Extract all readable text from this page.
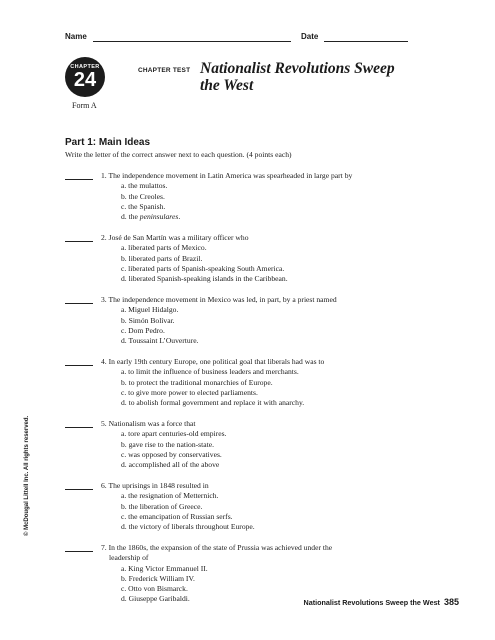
Name	Date
CHAPTER
24
Form A
CHAPTER TEST Nationalist Revolutions Sweep the West
Part 1: Main Ideas
Write the letter of the correct answer next to each question. (4 points each)
1. The independence movement in Latin America was spearheaded in large part by
a. the mulattos.
b. the Creoles.
c. the Spanish.
d. the peninsulares.
2. José de San Martín was a military officer who
a. liberated parts of Mexico.
b. liberated parts of Brazil.
c. liberated parts of Spanish-speaking South America.
d. liberated Spanish-speaking islands in the Caribbean.
3. The independence movement in Mexico was led, in part, by a priest named
a. Miguel Hidalgo.
b. Simón Bolívar.
c. Dom Pedro.
d. Toussaint L’Ouverture.
4. In early 19th century Europe, one political goal that liberals had was to
a. to limit the influence of business leaders and merchants.
b. to protect the traditional monarchies of Europe.
c. to give more power to elected parliaments.
d. to abolish formal government and replace it with anarchy.
5. Nationalism was a force that
a. tore apart centuries-old empires.
b. gave rise to the nation-state.
c. was opposed by conservatives.
d. accomplished all of the above
6. The uprisings in 1848 resulted in
a. the resignation of Metternich.
b. the liberation of Greece.
c. the emancipation of Russian serfs.
d. the victory of liberals throughout Europe.
7. In the 1860s, the expansion of the state of Prussia was achieved under the
leadership of
a. King Victor Emmanuel II.
b. Frederick William IV.
c. Otto von Bismarck.
d. Giuseppe Garibaldi.
© McDougal Littell Inc. All rights reserved.
Nationalist Revolutions Sweep the West 385
